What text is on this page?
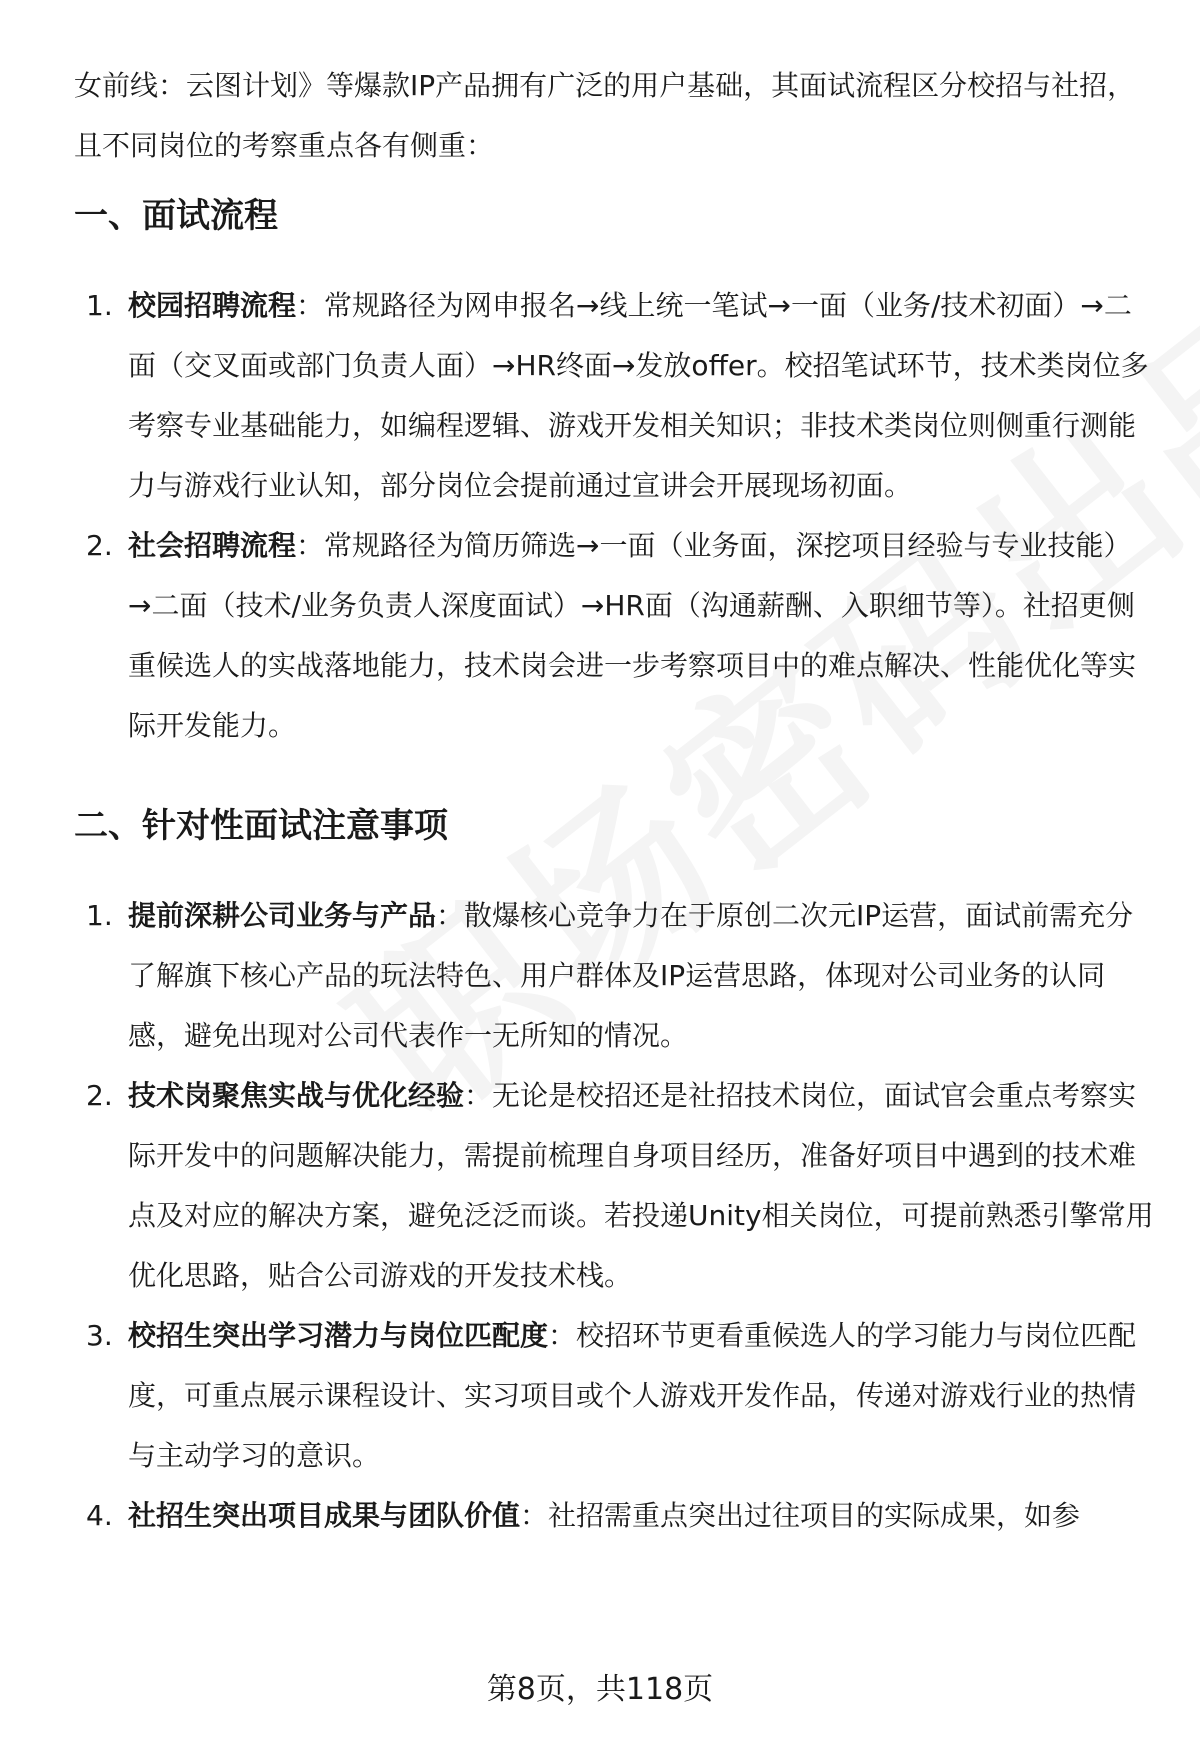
女前线：云图计划》等爆款IP产品拥有广泛的用户基础，其面试流程区分校招与社招，且不同岗位的考察重点各有侧重：

一、面试流程
1. 校园招聘流程：常规路径为网申报名→线上统一笔试→一面（业务/技术初面）→二面（交叉面或部门负责人面）→HR终面→发放offer。校招笔试环节，技术类岗位多考察专业基础能力，如编程逻辑、游戏开发相关知识；非技术类岗位则侧重行测能力与游戏行业认知，部分岗位会提前通过宣讲会开展现场初面。
2. 社会招聘流程：常规路径为简历筛选→一面（业务面，深挖项目经验与专业技能）→二面（技术/业务负责人深度面试）→HR面（沟通薪酬、入职细节等）。社招更侧重候选人的实战落地能力，技术岗会进一步考察项目中的难点解决、性能优化等实际开发能力。
二、针对性面试注意事项
1. 提前深耕公司业务与产品：散爆核心竞争力在于原创二次元IP运营，面试前需充分了解旗下核心产品的玩法特色、用户群体及IP运营思路，体现对公司业务的认同感，避免出现对公司代表作一无所知的情况。
2. 技术岗聚焦实战与优化经验：无论是校招还是社招技术岗位，面试官会重点考察实际开发中的问题解决能力，需提前梳理自身项目经历，准备好项目中遇到的技术难点及对应的解决方案，避免泛泛而谈。若投递Unity相关岗位，可提前熟悉引擎常用优化思路，贴合公司游戏的开发技术栈。
3. 校招生突出学习潜力与岗位匹配度：校招环节更看重候选人的学习能力与岗位匹配度，可重点展示课程设计、实习项目或个人游戏开发作品，传递对游戏行业的热情与主动学习的意识。
4. 社招生突出项目成果与团队价值：社招需重点突出过往项目的实际成果，如参
第8页，共118页
